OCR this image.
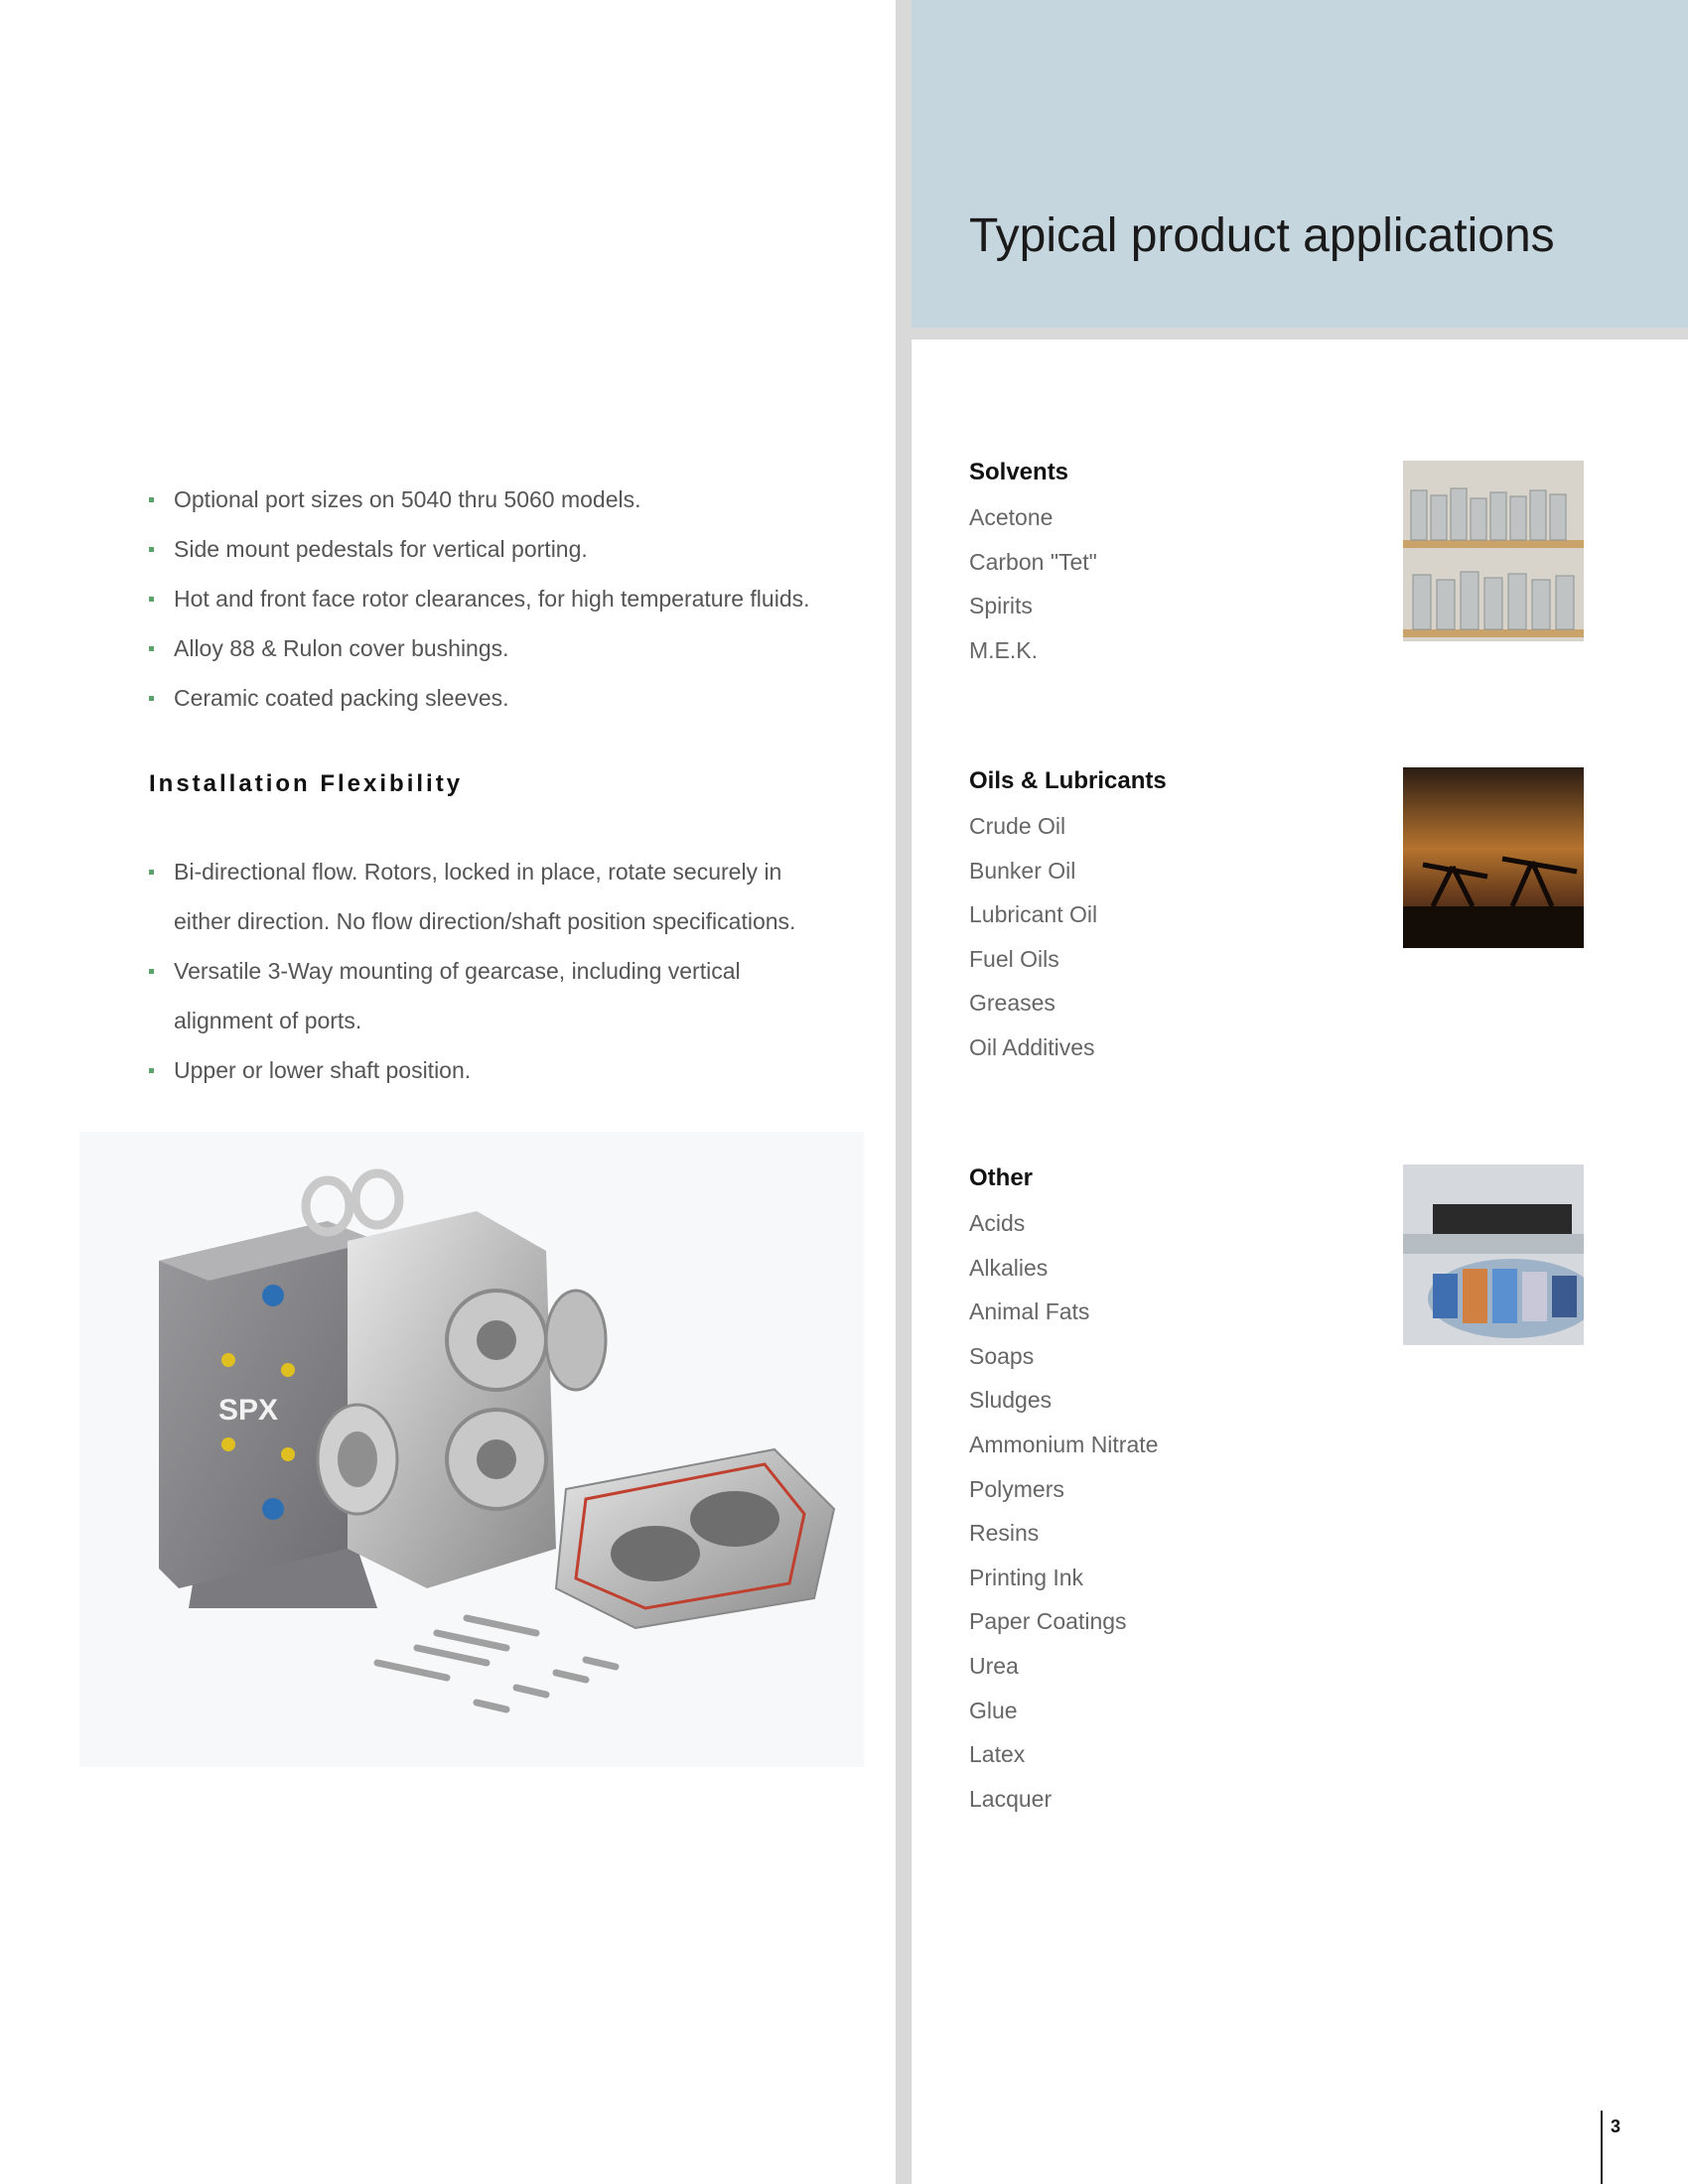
Typical product applications
Optional port sizes on 5040 thru 5060 models.
Side mount pedestals for vertical porting.
Hot and front face rotor clearances, for high temperature fluids.
Alloy 88 & Rulon cover bushings.
Ceramic coated packing sleeves.
Installation Flexibility
Bi-directional flow. Rotors, locked in place, rotate securely in
either direction. No flow direction/shaft position specifications.
Versatile 3-Way mounting of gearcase, including vertical
alignment of ports.
Upper or lower shaft position.
SPX
Solvents
Acetone
Carbon "Tet"
Spirits
M.E.K.
Oils & Lubricants
Crude Oil
Bunker Oil
Lubricant Oil
Fuel Oils
Greases
Oil Additives
Other
Acids
Alkalies
Animal Fats
Soaps
Sludges
Ammonium Nitrate
Polymers
Resins
Printing Ink
Paper Coatings
Urea
Glue
Latex
Lacquer
3
